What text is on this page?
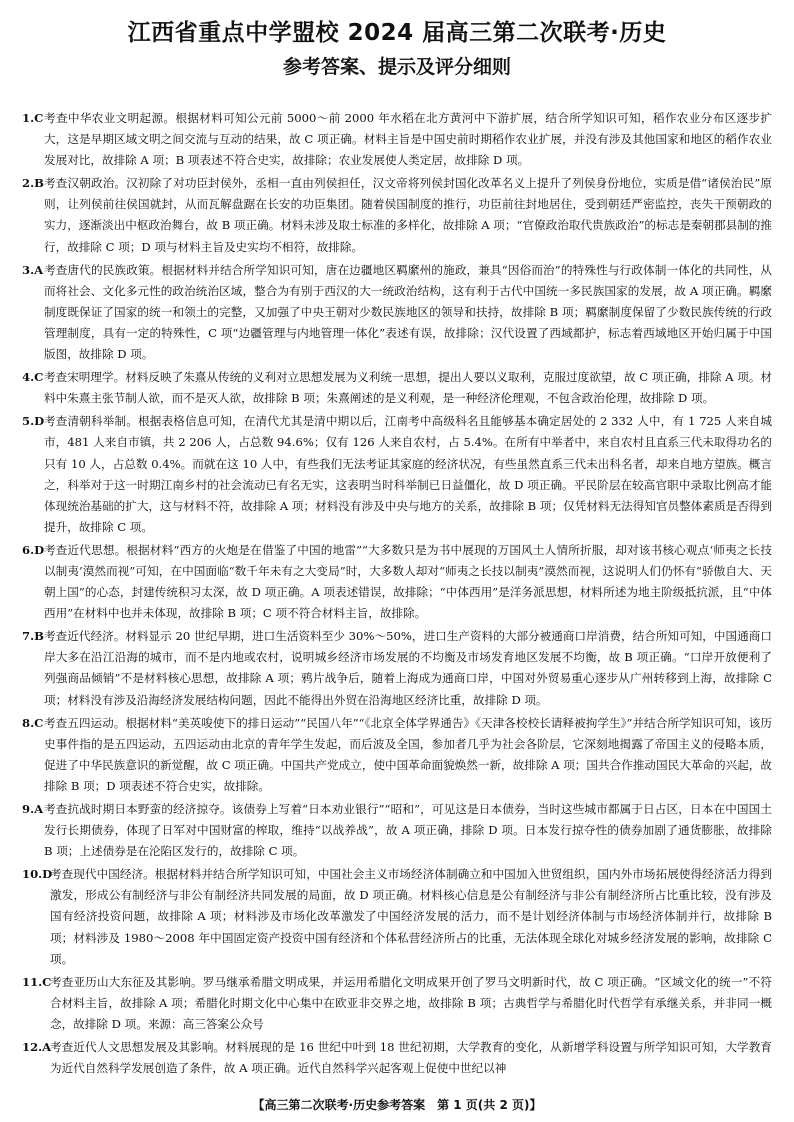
江西省重点中学盟校 2024 届高三第二次联考·历史
参考答案、提示及评分细则
1.C 考查中华农业文明起源。根据材料可知公元前 5000～前 2000 年水稻在北方黄河中下游扩展，结合所学知识可知，稻作农业分布区逐步扩大，这是早期区域文明之间交流与互动的结果，故 C 项正确。材料主旨是中国史前时期稻作农业扩展，并没有涉及其他国家和地区的稻作农业发展对比，故排除 A 项；B 项表述不符合史实，故排除；农业发展使人类定居，故排除 D 项。
2.B 考查汉朝政治。汉初除了对功臣封侯外，丞相一直由列侯担任，汉文帝将列侯封国化改革名义上提升了列侯身份地位，实质是借“诸侯治民”原则，让列侯前往侯国就封，从而瓦解盘踞在长安的功臣集团。随着侯国制度的推行，功臣前往封地居住，受到朝廷严密监控，丧失干预朝政的实力，逐渐淡出中枢政治舞台，故 B 项正确。材料未涉及取士标准的多样化，故排除 A 项；“官僚政治取代贵族政治”的标志是秦朝郡县制的推行，故排除 C 项；D 项与材料主旨及史实均不相符，故排除。
3.A 考查唐代的民族政策。根据材料并结合所学知识可知，唐在边疆地区羁縻州的施政，兼具“因俗而治”的特殊性与行政体制一体化的共同性，从而将社会、文化多元性的政治统治区域，整合为有别于西汉的大一统政治结构，这有利于古代中国统一多民族国家的发展，故 A 项正确。羁縻制度既保证了国家的统一和领土的完整，又加强了中央王朝对少数民族地区的领导和扶持，故排除 B 项；羁縻制度保留了少数民族传统的行政管理制度，具有一定的特殊性，C 项“边疆管理与内地管理一体化”表述有误，故排除；汉代设置了西域都护，标志着西域地区开始归属于中国版图，故排除 D 项。
4.C 考查宋明理学。材料反映了朱熹从传统的义利对立思想发展为义利统一思想，提出人要以义取利，克服过度欲望，故 C 项正确，排除 A 项。材料中朱熹主张节制人欲，而不是灭人欲，故排除 B 项；朱熹阐述的是义利观，是一种经济伦理观，不包含政治伦理，故排除 D 项。
5.D 考查清朝科举制。根据表格信息可知，在清代尤其是清中期以后，江南考中高级科名且能够基本确定居处的 2 332 人中，有 1 725 人来自城市，481 人来自市镇，共 2 206 人，占总数 94.6%；仅有 126 人来自农村，占 5.4%。在所有中举者中，来自农村且直系三代未取得功名的只有 10 人，占总数 0.4%。而就在这 10 人中，有些我们无法考证其家庭的经济状况，有些虽然直系三代未出科名者，却来自地方望族。概言之，科举对于这一时期江南乡村的社会流动已有名无实，这表明当时科举制已日益僵化，故 D 项正确。平民阶层在较高官职中录取比例高才能体现统治基础的扩大，这与材料不符，故排除 A 项；材料没有涉及中央与地方的关系，故排除 B 项；仅凭材料无法得知官员整体素质是否得到提升，故排除 C 项。
6.D 考查近代思想。根据材料“西方的火炮是在借鉴了中国的地雷”“大多数只是为书中展现的万国风土人情所折服，却对该书核心观点‘师夷之长技以制夷’漠然而视”可知，在中国面临“数千年未有之大变局”时，大多数人却对“师夷之长技以制夷”漠然而视，这说明人们仍怀有“骄傲自大、天朝上国”的心态，封建传统积习太深，故 D 项正确。A 项表述错误，故排除；“中体西用”是洋务派思想，材料所述为地主阶级抵抗派，且“中体西用”在材料中也并未体现，故排除 B 项；C 项不符合材料主旨，故排除。
7.B 考查近代经济。材料显示 20 世纪早期，进口生活资料至少 30%～50%，进口生产资料的大部分被通商口岸消费，结合所知可知，中国通商口岸大多在沿江沿海的城市，而不是内地或农村，说明城乡经济市场发展的不均衡及市场发育地区发展不均衡，故 B 项正确。“口岸开放便利了列强商品倾销”不是材料核心思想，故排除 A 项；鸦片战争后，随着上海成为通商口岸，中国对外贸易重心逐步从广州转移到上海，故排除 C 项；材料没有涉及沿海经济发展结构问题，因此不能得出外贸在沿海地区经济比重，故排除 D 项。
8.C 考查五四运动。根据材料“美英唆使下的排日运动”“民国八年”“《北京全体学界通告》《天津各校校长请释被拘学生》”并结合所学知识可知，该历史事件指的是五四运动，五四运动由北京的青年学生发起，而后波及全国，参加者几乎为社会各阶层，它深刻地揭露了帝国主义的侵略本质，促进了中华民族意识的新觉醒，故 C 项正确。中国共产党成立，使中国革命面貌焕然一新，故排除 A 项；国共合作推动国民大革命的兴起，故排除 B 项；D 项表述不符合史实，故排除。
9.A 考查抗战时期日本野蛮的经济掠夺。该债券上写着“日本劝业银行”“昭和”，可见这是日本债券，当时这些城市都属于日占区，日本在中国国土发行长期债券，体现了日军对中国财富的榨取，维持“以战养战”，故 A 项正确，排除 D 项。日本发行掠夺性的债券加剧了通货膨胀，故排除 B 项；上述债券是在沦陷区发行的，故排除 C 项。
10.D
考查现代中国经济。根据材料并结合所学知识可知，中国社会主义市场经济体制确立和中国加入世贸组织，国内外市场拓展使得经济活力得到激发，形成公有制经济与非公有制经济共同发展的局面，故 D 项正确。材料核心信息是公有制经济与非公有制经济所占比重比较，没有涉及国有经济投资问题，故排除 A 项；材料涉及市场化改革激发了中国经济发展的活力，而不是计划经济体制与市场经济体制并行，故排除 B 项；材料涉及 1980～2008 年中国固定资产投资中国有经济和个体私营经济所占的比重，无法体现全球化对城乡经济发展的影响，故排除 C 项。
11.C
考查亚历山大东征及其影响。罗马继承希腊文明成果，并运用希腊化文明成果开创了罗马文明新时代，故 C 项正确。“区域文化的统一”不符合材料主旨，故排除 A 项；希腊化时期文化中心集中在欧亚非交界之地，故排除 B 项；古典哲学与希腊化时代哲学有承继关系，并非同一概念，故排除 D 项。来源：高三答案公众号
12.A
考查近代人文思想发展及其影响。材料展现的是 16 世纪中叶到 18 世纪初期，大学教育的变化，从新增学科设置与所学知识可知，大学教育为近代自然科学发展创造了条件，故 A 项正确。近代自然科学兴起客观上促使中世纪以神
【高三第二次联考·历史参考答案　第 1 页(共 2 页)】
